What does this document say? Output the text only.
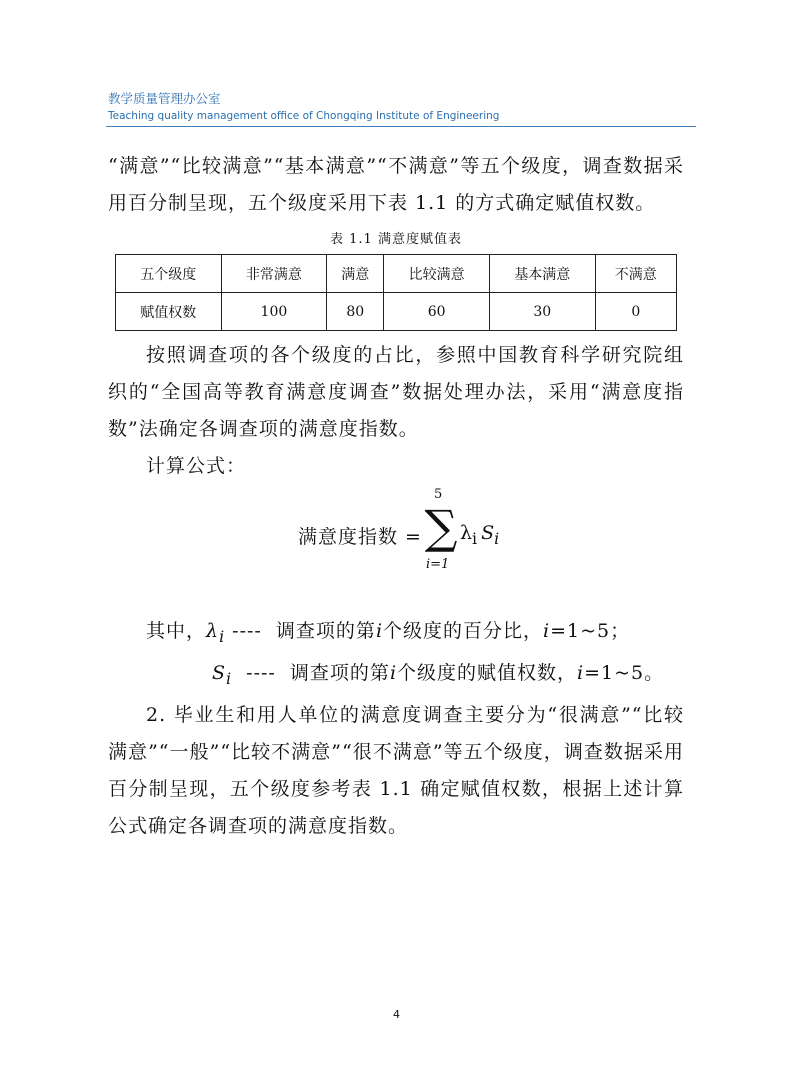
教学质量管理办公室
Teaching quality management office of Chongqing Institute of Engineering

“满意”“比较满意”“基本满意”“不满意”等五个级度，调查数据采用百分制呈现，五个级度采用下表 1.1 的方式确定赋值权数。

表 1.1 满意度赋值表
五个级度	非常满意	满意	比较满意	基本满意	不满意
赋值权数	100	80	60	30	0

按照调查项的各个级度的占比，参照中国教育科学研究院组织的“全国高等教育满意度调查”数据处理办法，采用“满意度指数”法确定各调查项的满意度指数。

计算公式：

满意度指数 =
5
∑
i=1
$\lambda_i$ $S_i$

其中，$\lambda_i$ ----  调查项的第i个级度的百分比，i=1~5；

$S_i$  ----  调查项的第i个级度的赋值权数，i=1~5。

2. 毕业生和用人单位的满意度调查主要分为“很满意”“比较满意”“一般”“比较不满意”“很不满意”等五个级度，调查数据采用百分制呈现，五个级度参考表 1.1 确定赋值权数，根据上述计算公式确定各调查项的满意度指数。

4
